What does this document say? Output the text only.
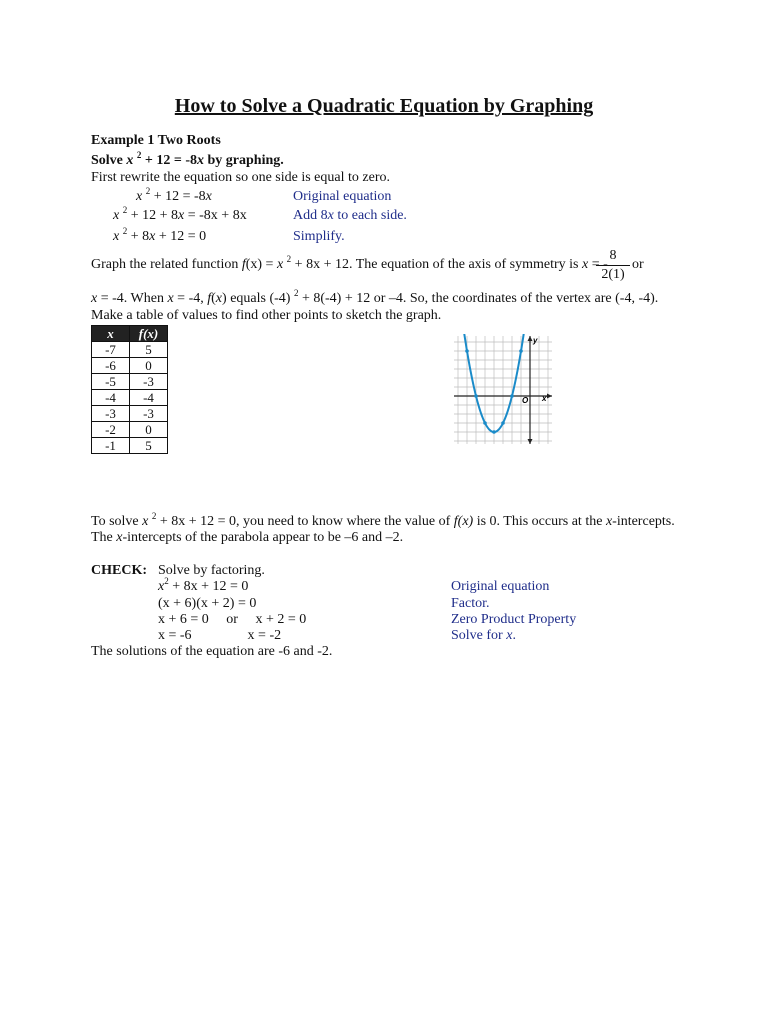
How to Solve a Quadratic Equation by Graphing
Example 1 Two Roots
Solve x $^2$ + 12 = -8x by graphing.
First rewrite the equation so one side is equal to zero.
x $^2$ + 12 = -8x	Original equation
x $^2$ + 12 + 8x = -8x + 8x	Add 8x to each side.
x $^2$ + 8x + 12 = 0	Simplify.
Graph the related function f(x) = x $^2$ + 8x + 12. The equation of the axis of symmetry is x = -
$\frac{8}{2(1)}$ or
x = -4. When x = -4, f(x) equals (-4) $^2$ + 8(-4) + 12 or –4. So, the coordinates of the vertex are (-4, -4).
Make a table of values to find other points to sketch the graph.
x	f(x)
-7	5
-6	0
-5	-3
-4	-4
-3	-3
-2	0
-1	5
x
y
O
To solve x $^2$ + 8x + 12 = 0, you need to know where the value of f(x) is 0. This occurs at the x-intercepts.
The x-intercepts of the parabola appear to be –6 and –2.
CHECK: Solve by factoring.
$x^2 + 8x + 12 = 0$	Original equation
(x + 6)(x + 2) = 0	Factor.
x + 6 = 0     or     x + 2 = 0	Zero Product Property
x = -6                x = -2	Solve for x.
The solutions of the equation are -6 and -2.
